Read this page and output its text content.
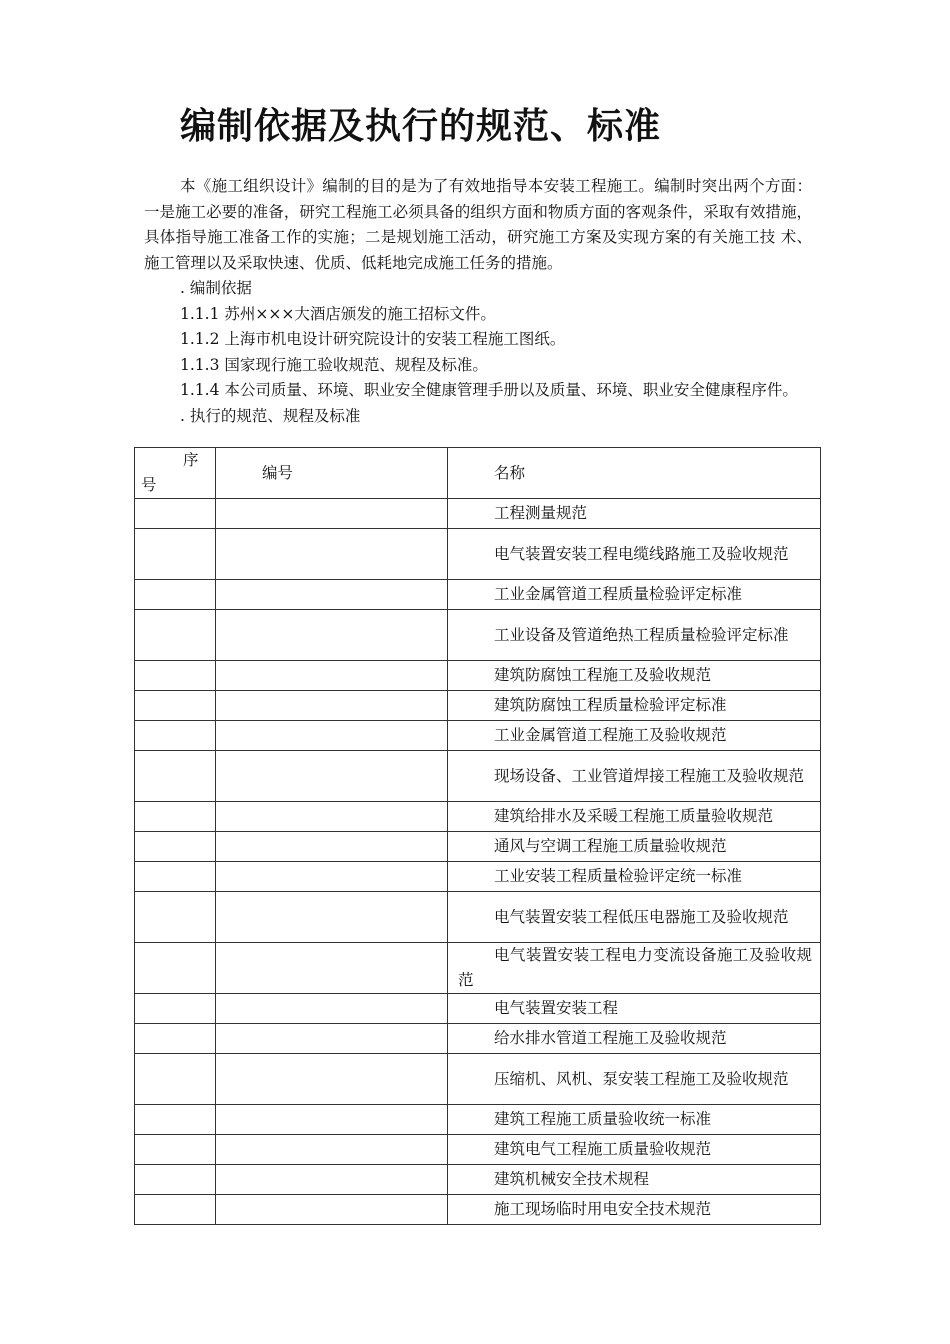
编制依据及执行的规范、标准

本《施工组织设计》编制的目的是为了有效地指导本安装工程施工。编制时突出两个方面：一是施工必要的准备，研究工程施工必须具备的组织方面和物质方面的客观条件，采取有效措施，具体指导施工准备工作的实施；二是规划施工活动，研究施工方案及实现方案的有关施工技 术、施工管理以及采取快速、优质、低耗地完成施工任务的措施。

. 编制依据

1.1.1 苏州×××大酒店颁发的施工招标文件。

1.1.2 上海市机电设计研究院设计的安装工程施工图纸。

1.1.3 国家现行施工验收规范、规程及标准。

1.1.4 本公司质量、环境、职业安全健康管理手册以及质量、环境、职业安全健康程序件。

. 执行的规范、规程及标准

序
号	编号	名称
		工程测量规范
		电气装置安装工程电缆线路施工及验收规范
		工业金属管道工程质量检验评定标准
		工业设备及管道绝热工程质量检验评定标准
		建筑防腐蚀工程施工及验收规范
		建筑防腐蚀工程质量检验评定标准
		工业金属管道工程施工及验收规范
		现场设备、工业管道焊接工程施工及验收规范
		建筑给排水及采暖工程施工质量验收规范
		通风与空调工程施工质量验收规范
		工业安装工程质量检验评定统一标准
		电气装置安装工程低压电器施工及验收规范
		电气装置安装工程电力变流设备施工及验收规范
		电气装置安装工程
		给水排水管道工程施工及验收规范
		压缩机、风机、泵安装工程施工及验收规范
		建筑工程施工质量验收统一标准
		建筑电气工程施工质量验收规范
		建筑机械安全技术规程
		施工现场临时用电安全技术规范
